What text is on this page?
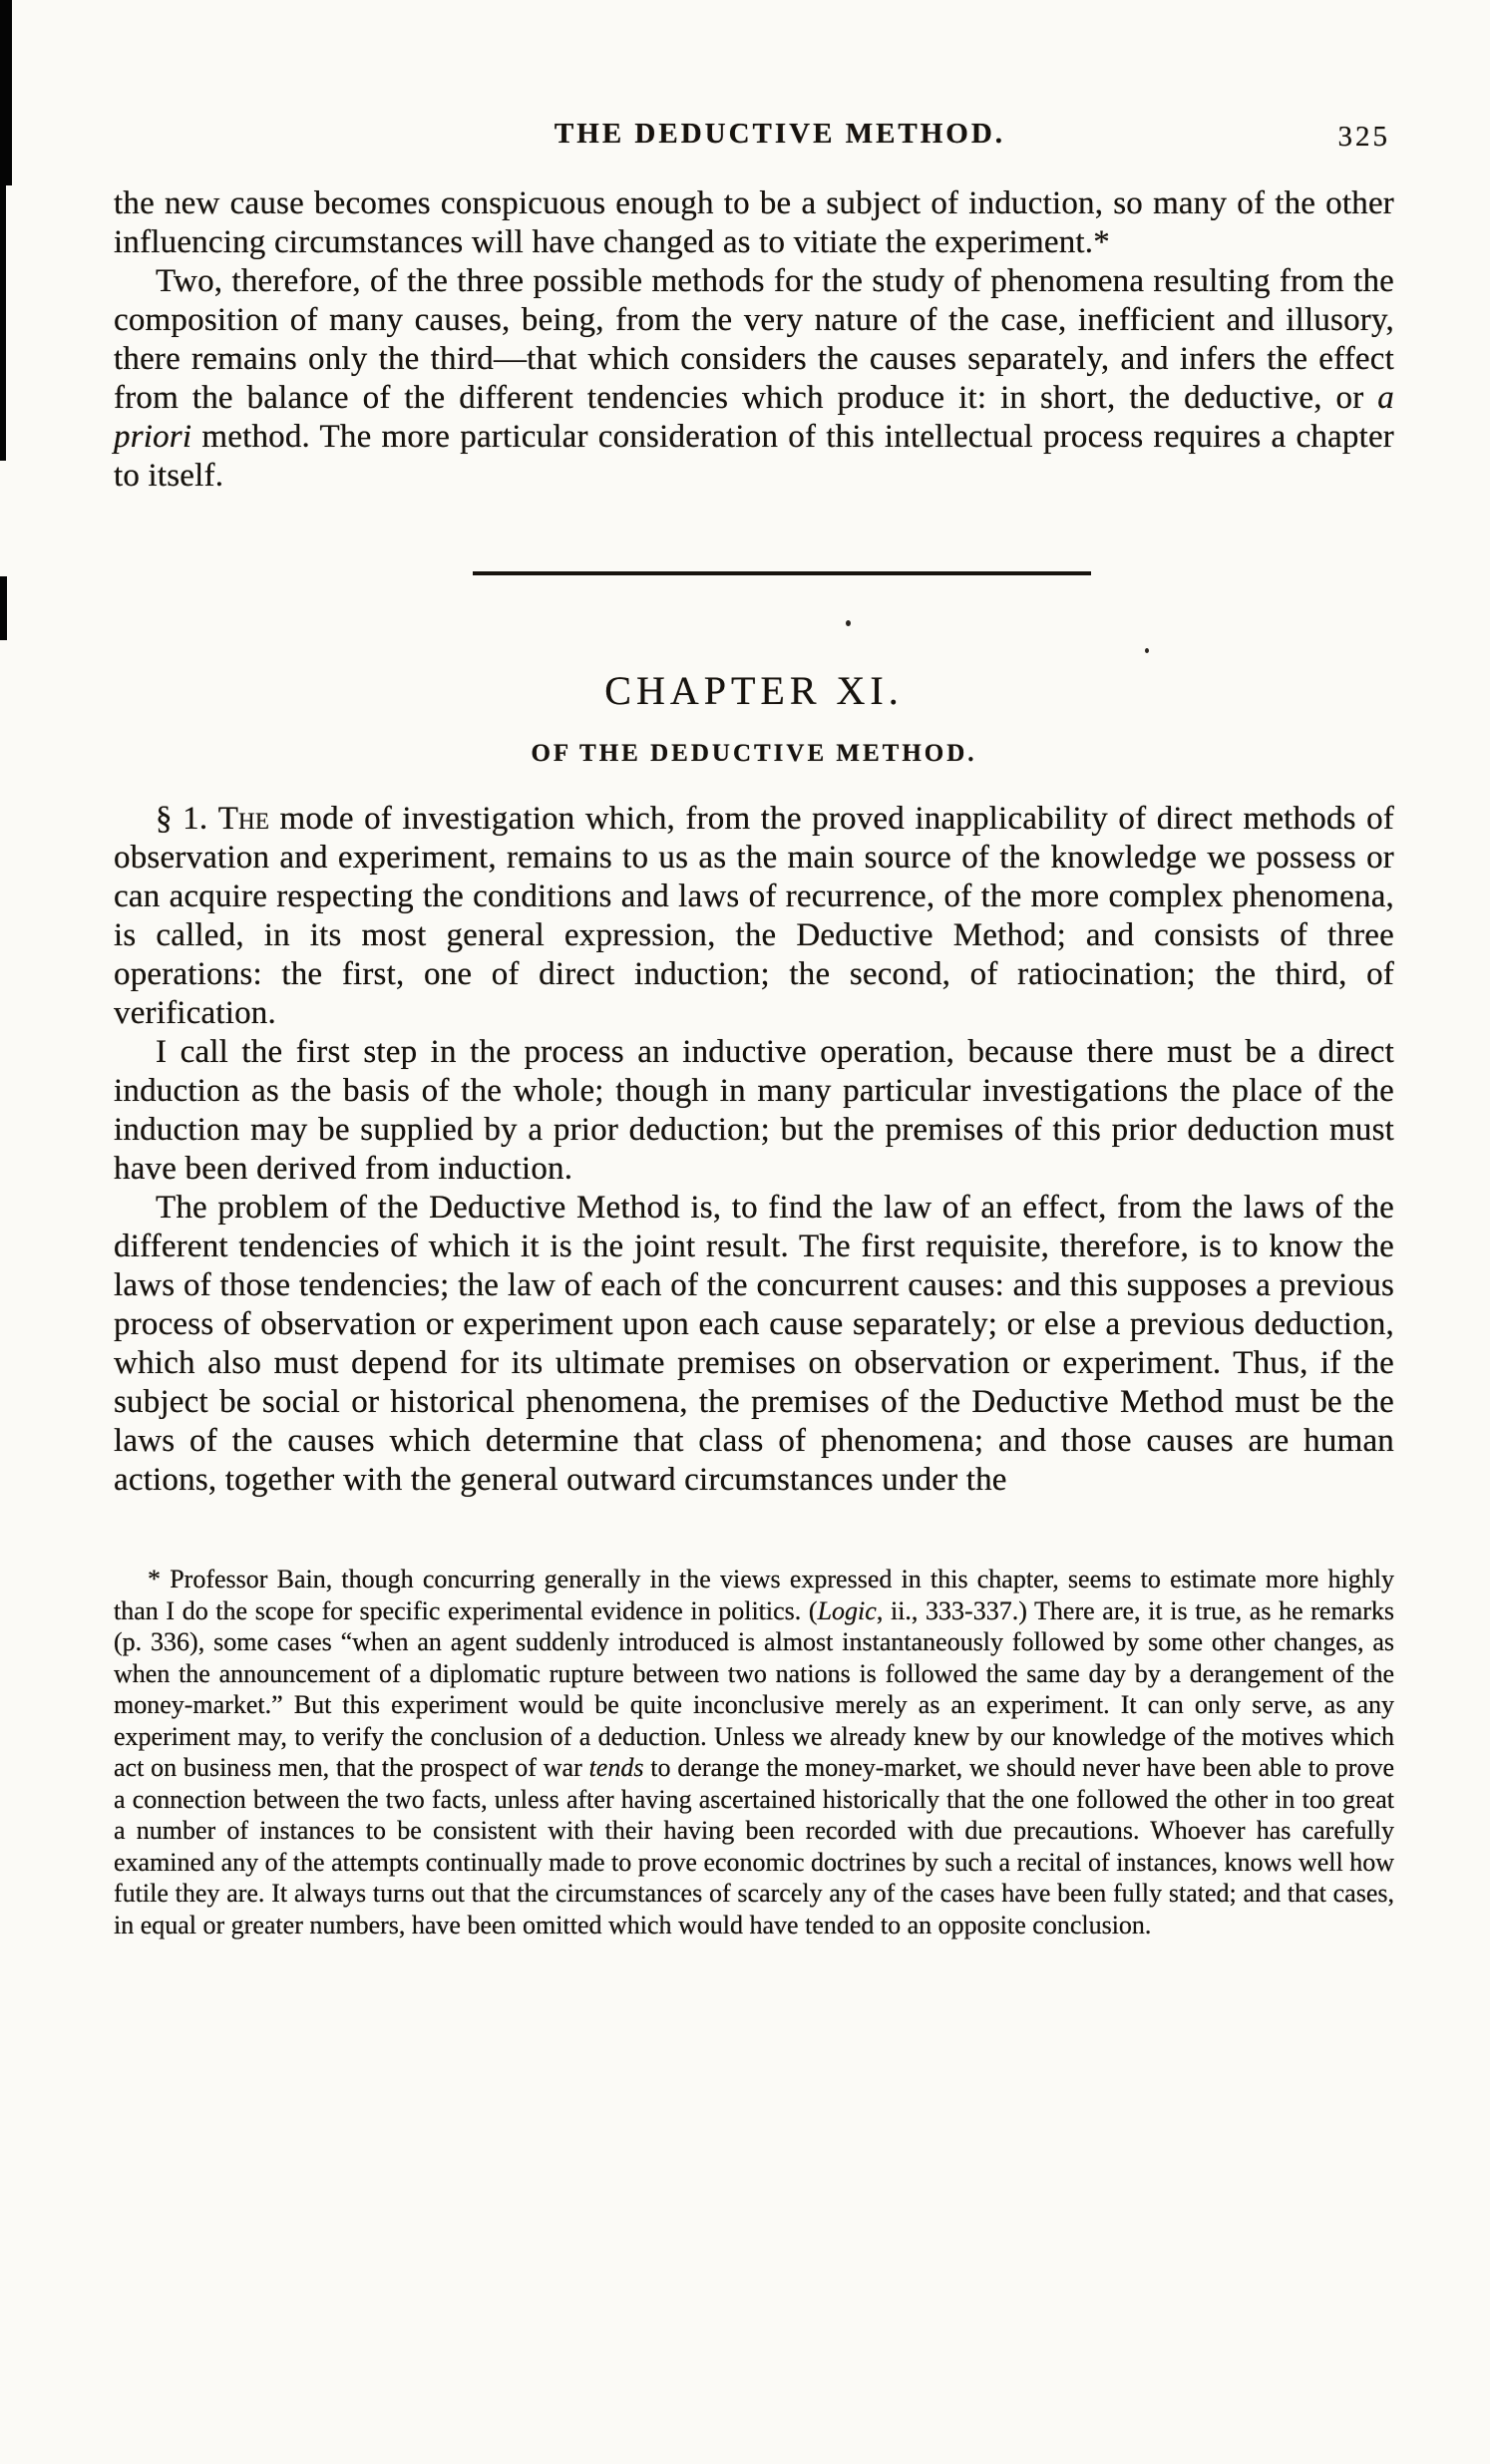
THE DEDUCTIVE METHOD.	325

the new cause becomes conspicuous enough to be a subject of induction, so many of the other influencing circumstances will have changed as to vitiate the experiment.*

Two, therefore, of the three possible methods for the study of phenomena resulting from the composition of many causes, being, from the very nature of the case, inefficient and illusory, there remains only the third—that which considers the causes separately, and infers the effect from the balance of the different tendencies which produce it: in short, the deductive, or a priori method. The more particular consideration of this intellectual process requires a chapter to itself.

CHAPTER XI.
OF THE DEDUCTIVE METHOD.

§ 1. The mode of investigation which, from the proved inapplicability of direct methods of observation and experiment, remains to us as the main source of the knowledge we possess or can acquire respecting the conditions and laws of recurrence, of the more complex phenomena, is called, in its most general expression, the Deductive Method; and consists of three operations: the first, one of direct induction; the second, of ratiocination; the third, of verification.

I call the first step in the process an inductive operation, because there must be a direct induction as the basis of the whole; though in many particular investigations the place of the induction may be supplied by a prior deduction; but the premises of this prior deduction must have been derived from induction.

The problem of the Deductive Method is, to find the law of an effect, from the laws of the different tendencies of which it is the joint result. The first requisite, therefore, is to know the laws of those tendencies; the law of each of the concurrent causes: and this supposes a previous process of observation or experiment upon each cause separately; or else a previous deduction, which also must depend for its ultimate premises on observation or experiment. Thus, if the subject be social or historical phenomena, the premises of the Deductive Method must be the laws of the causes which determine that class of phenomena; and those causes are human actions, together with the general outward circumstances under the

* Professor Bain, though concurring generally in the views expressed in this chapter, seems to estimate more highly than I do the scope for specific experimental evidence in politics. (Logic, ii., 333-337.) There are, it is true, as he remarks (p. 336), some cases “when an agent suddenly introduced is almost instantaneously followed by some other changes, as when the announcement of a diplomatic rupture between two nations is followed the same day by a derangement of the money-market.” But this experiment would be quite inconclusive merely as an experiment. It can only serve, as any experiment may, to verify the conclusion of a deduction. Unless we already knew by our knowledge of the motives which act on business men, that the prospect of war tends to derange the money-market, we should never have been able to prove a connection between the two facts, unless after having ascertained historically that the one followed the other in too great a number of instances to be consistent with their having been recorded with due precautions. Whoever has carefully examined any of the attempts continually made to prove economic doctrines by such a recital of instances, knows well how futile they are. It always turns out that the circumstances of scarcely any of the cases have been fully stated; and that cases, in equal or greater numbers, have been omitted which would have tended to an opposite conclusion.
